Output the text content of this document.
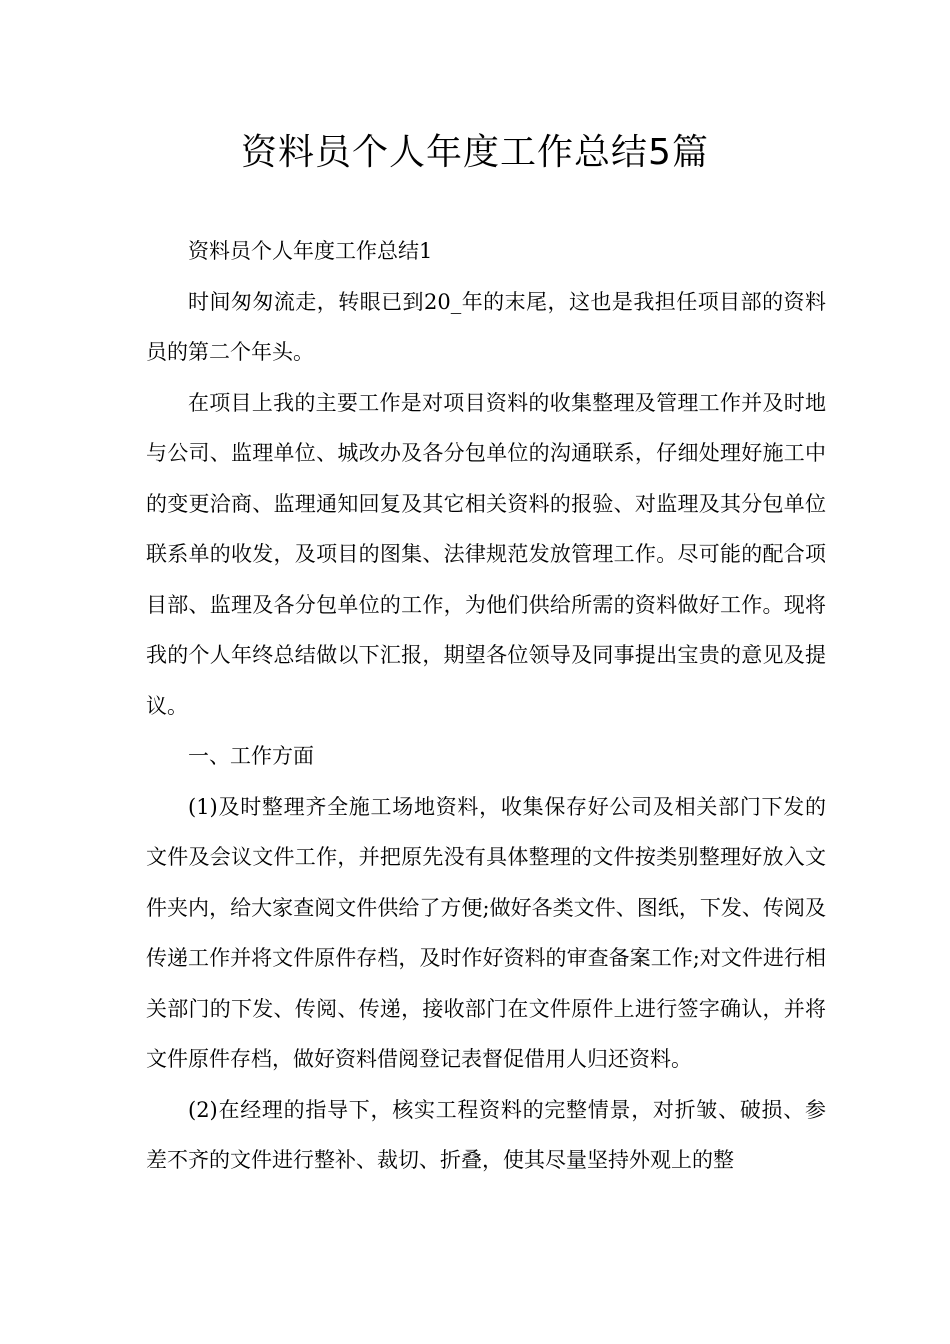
资料员个人年度工作总结5篇

资料员个人年度工作总结1

时间匆匆流走，转眼已到20_年的末尾，这也是我担任项目部的资料员的第二个年头。

在项目上我的主要工作是对项目资料的收集整理及管理工作并及时地与公司、监理单位、城改办及各分包单位的沟通联系，仔细处理好施工中的变更洽商、监理通知回复及其它相关资料的报验、对监理及其分包单位联系单的收发，及项目的图集、法律规范发放管理工作。尽可能的配合项目部、监理及各分包单位的工作，为他们供给所需的资料做好工作。现将我的个人年终总结做以下汇报，期望各位领导及同事提出宝贵的意见及提议。

一、工作方面

(1)及时整理齐全施工场地资料，收集保存好公司及相关部门下发的文件及会议文件工作，并把原先没有具体整理的文件按类别整理好放入文件夹内，给大家查阅文件供给了方便;做好各类文件、图纸，下发、传阅及传递工作并将文件原件存档，及时作好资料的审查备案工作;对文件进行相关部门的下发、传阅、传递，接收部门在文件原件上进行签字确认，并将文件原件存档，做好资料借阅登记表督促借用人归还资料。

(2)在经理的指导下，核实工程资料的完整情景，对折皱、破损、参差不齐的文件进行整补、裁切、折叠，使其尽量坚持外观上的整
